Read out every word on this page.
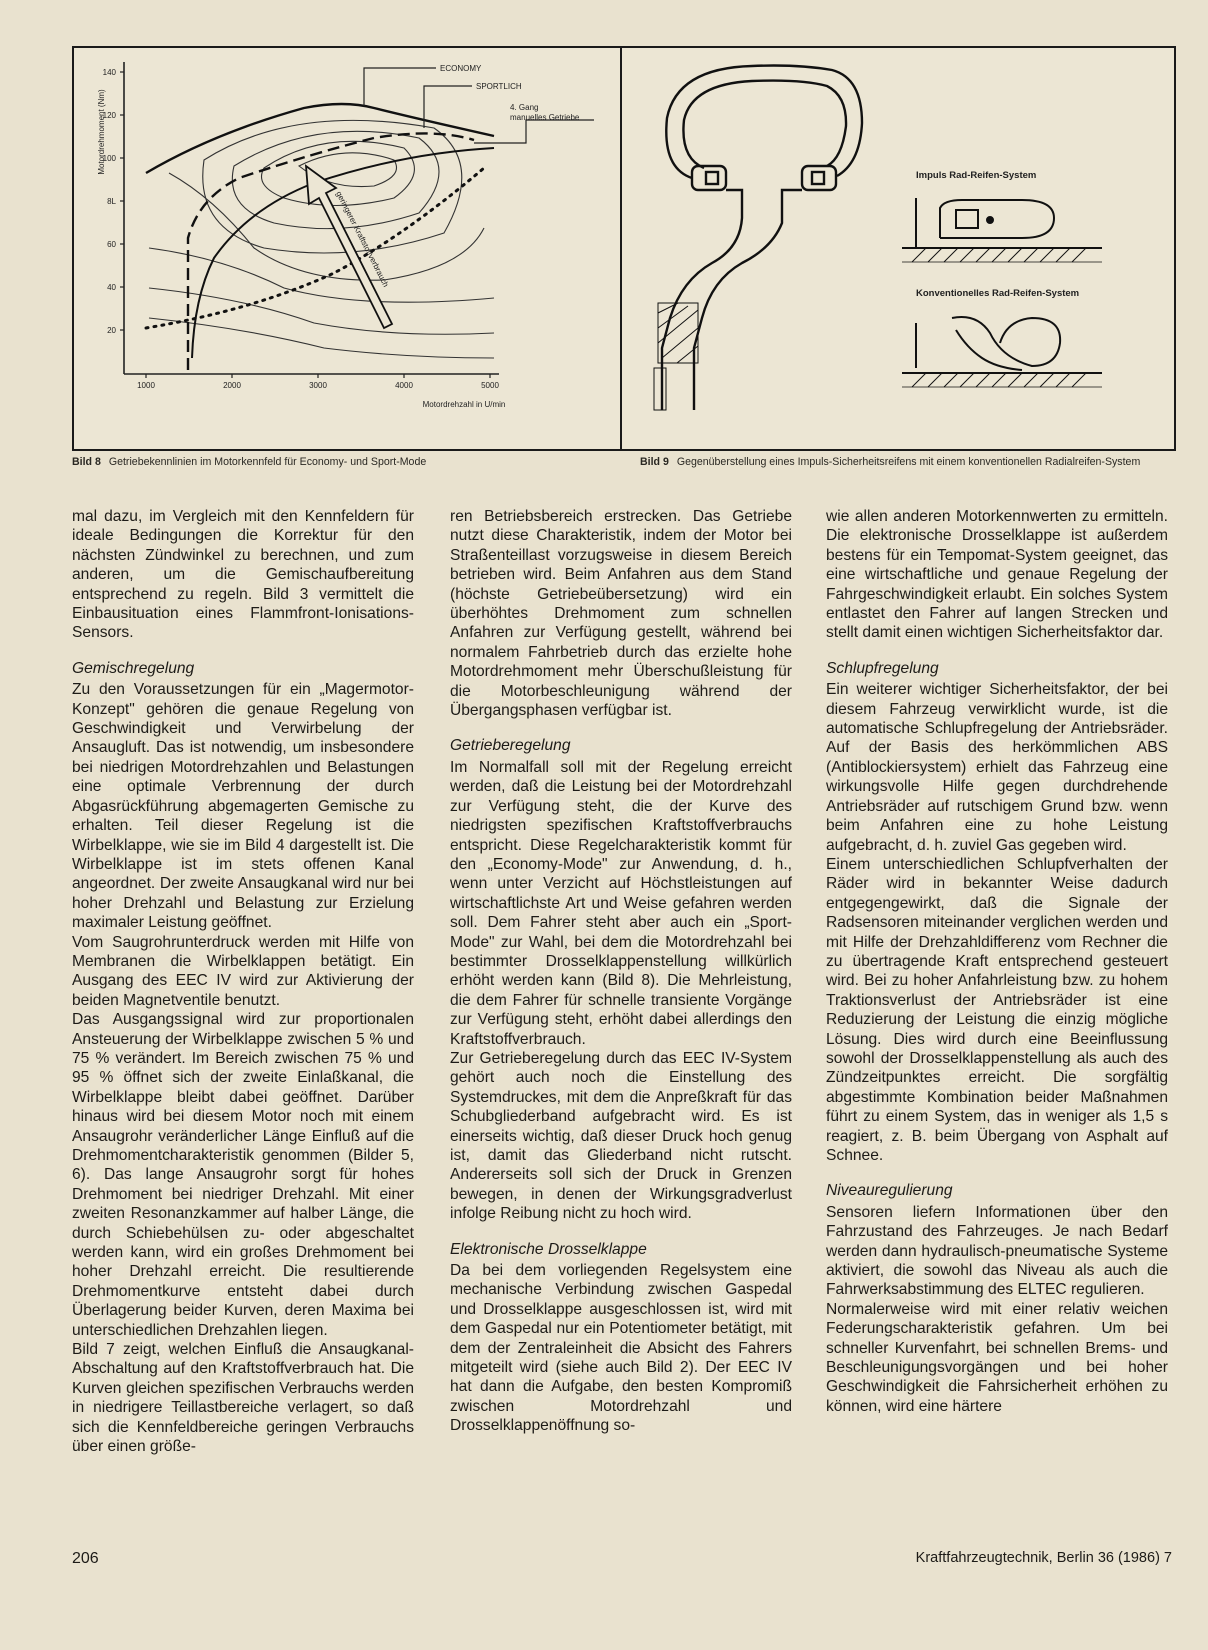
140
120
100
8L
60
40
20
1000	2000	3000	4000	5000
Motordrehmoment (Nm)
Motordrehzahl in U/min
geringerer Kraftstoffverbrauch
ECONOMY
SPORTLICH
4. Gang
manuelles Getriebe
Impuls Rad-Reifen-System
Konventionelles Rad-Reifen-System
Bild 8 Getriebekennlinien im Motorkennfeld für Economy- und Sport-Mode	Bild 9 Gegenüberstellung eines Impuls-Sicherheitsreifens mit einem konventionellen Radialreifen-System

mal dazu, im Vergleich mit den Kennfeldern für ideale Bedingungen die Korrektur für den nächsten Zündwinkel zu berechnen, und zum anderen, um die Gemischaufbereitung entsprechend zu regeln. Bild 3 vermittelt die Einbausituation eines Flammfront-Ionisations-Sensors.

Gemischregelung

Zu den Voraussetzungen für ein „Magermotor-Konzept" gehören die genaue Regelung von Geschwindigkeit und Verwirbelung der Ansaugluft. Das ist notwendig, um insbesondere bei niedrigen Motordrehzahlen und Belastungen eine optimale Verbrennung der durch Abgasrückführung abgemagerten Gemische zu erhalten. Teil dieser Regelung ist die Wirbelklappe, wie sie im Bild 4 dargestellt ist. Die Wirbelklappe ist im stets offenen Kanal angeordnet. Der zweite Ansaugkanal wird nur bei hoher Drehzahl und Belastung zur Erzielung maximaler Leistung geöffnet.

Vom Saugrohrunterdruck werden mit Hilfe von Membranen die Wirbelklappen betätigt. Ein Ausgang des EEC IV wird zur Aktivierung der beiden Magnetventile benutzt.

Das Ausgangssignal wird zur proportionalen Ansteuerung der Wirbelklappe zwischen 5 % und 75 % verändert. Im Bereich zwischen 75 % und 95 % öffnet sich der zweite Einlaßkanal, die Wirbelklappe bleibt dabei geöffnet. Darüber hinaus wird bei diesem Motor noch mit einem Ansaugrohr veränderlicher Länge Einfluß auf die Drehmomentcharakteristik genommen (Bilder 5, 6). Das lange Ansaugrohr sorgt für hohes Drehmoment bei niedriger Drehzahl. Mit einer zweiten Resonanzkammer auf halber Länge, die durch Schiebehülsen zu- oder abgeschaltet werden kann, wird ein großes Drehmoment bei hoher Drehzahl erreicht. Die resultierende Drehmomentkurve entsteht dabei durch Überlagerung beider Kurven, deren Maxima bei unterschiedlichen Drehzahlen liegen.

Bild 7 zeigt, welchen Einfluß die Ansaugkanal-Abschaltung auf den Kraftstoffverbrauch hat. Die Kurven gleichen spezifischen Verbrauchs werden in niedrigere Teillastbereiche verlagert, so daß sich die Kennfeldbereiche geringen Verbrauchs über einen größe-

ren Betriebsbereich erstrecken. Das Getriebe nutzt diese Charakteristik, indem der Motor bei Straßenteillast vorzugsweise in diesem Bereich betrieben wird. Beim Anfahren aus dem Stand (höchste Getriebeübersetzung) wird ein überhöhtes Drehmoment zum schnellen Anfahren zur Verfügung gestellt, während bei normalem Fahrbetrieb durch das erzielte hohe Motordrehmoment mehr Überschußleistung für die Motorbeschleunigung während der Übergangsphasen verfügbar ist.

Getrieberegelung

Im Normalfall soll mit der Regelung erreicht werden, daß die Leistung bei der Motordrehzahl zur Verfügung steht, die der Kurve des niedrigsten spezifischen Kraftstoffverbrauchs entspricht. Diese Regelcharakteristik kommt für den „Economy-Mode" zur Anwendung, d. h., wenn unter Verzicht auf Höchstleistungen auf wirtschaftlichste Art und Weise gefahren werden soll. Dem Fahrer steht aber auch ein „Sport-Mode" zur Wahl, bei dem die Motordrehzahl bei bestimmter Drosselklappenstellung willkürlich erhöht werden kann (Bild 8). Die Mehrleistung, die dem Fahrer für schnelle transiente Vorgänge zur Verfügung steht, erhöht dabei allerdings den Kraftstoffverbrauch.

Zur Getrieberegelung durch das EEC IV-System gehört auch noch die Einstellung des Systemdruckes, mit dem die Anpreßkraft für das Schubgliederband aufgebracht wird. Es ist einerseits wichtig, daß dieser Druck hoch genug ist, damit das Gliederband nicht rutscht. Andererseits soll sich der Druck in Grenzen bewegen, in denen der Wirkungsgradverlust infolge Reibung nicht zu hoch wird.

Elektronische Drosselklappe

Da bei dem vorliegenden Regelsystem eine mechanische Verbindung zwischen Gaspedal und Drosselklappe ausgeschlossen ist, wird mit dem Gaspedal nur ein Potentiometer betätigt, mit dem der Zentraleinheit die Absicht des Fahrers mitgeteilt wird (siehe auch Bild 2). Der EEC IV hat dann die Aufgabe, den besten Kompromiß zwischen Motordrehzahl und Drosselklappenöffnung so-

wie allen anderen Motorkennwerten zu ermitteln. Die elektronische Drosselklappe ist außerdem bestens für ein Tempomat-System geeignet, das eine wirtschaftliche und genaue Regelung der Fahrgeschwindigkeit erlaubt. Ein solches System entlastet den Fahrer auf langen Strecken und stellt damit einen wichtigen Sicherheitsfaktor dar.

Schlupfregelung

Ein weiterer wichtiger Sicherheitsfaktor, der bei diesem Fahrzeug verwirklicht wurde, ist die automatische Schlupfregelung der Antriebsräder. Auf der Basis des herkömmlichen ABS (Antiblockiersystem) erhielt das Fahrzeug eine wirkungsvolle Hilfe gegen durchdrehende Antriebsräder auf rutschigem Grund bzw. wenn beim Anfahren eine zu hohe Leistung aufgebracht, d. h. zuviel Gas gegeben wird.

Einem unterschiedlichen Schlupfverhalten der Räder wird in bekannter Weise dadurch entgegengewirkt, daß die Signale der Radsensoren miteinander verglichen werden und mit Hilfe der Drehzahldifferenz vom Rechner die zu übertragende Kraft entsprechend gesteuert wird. Bei zu hoher Anfahrleistung bzw. zu hohem Traktionsverlust der Antriebsräder ist eine Reduzierung der Leistung die einzig mögliche Lösung. Dies wird durch eine Beeinflussung sowohl der Drosselklappenstellung als auch des Zündzeitpunktes erreicht. Die sorgfältig abgestimmte Kombination beider Maßnahmen führt zu einem System, das in weniger als 1,5 s reagiert, z. B. beim Übergang von Asphalt auf Schnee.

Niveauregulierung

Sensoren liefern Informationen über den Fahrzustand des Fahrzeuges. Je nach Bedarf werden dann hydraulisch-pneumatische Systeme aktiviert, die sowohl das Niveau als auch die Fahrwerksabstimmung des ELTEC regulieren.

Normalerweise wird mit einer relativ weichen Federungscharakteristik gefahren. Um bei schneller Kurvenfahrt, bei schnellen Brems- und Beschleunigungsvorgängen und bei hoher Geschwindigkeit die Fahrsicherheit erhöhen zu können, wird eine härtere

206	Kraftfahrzeugtechnik, Berlin 36 (1986) 7
